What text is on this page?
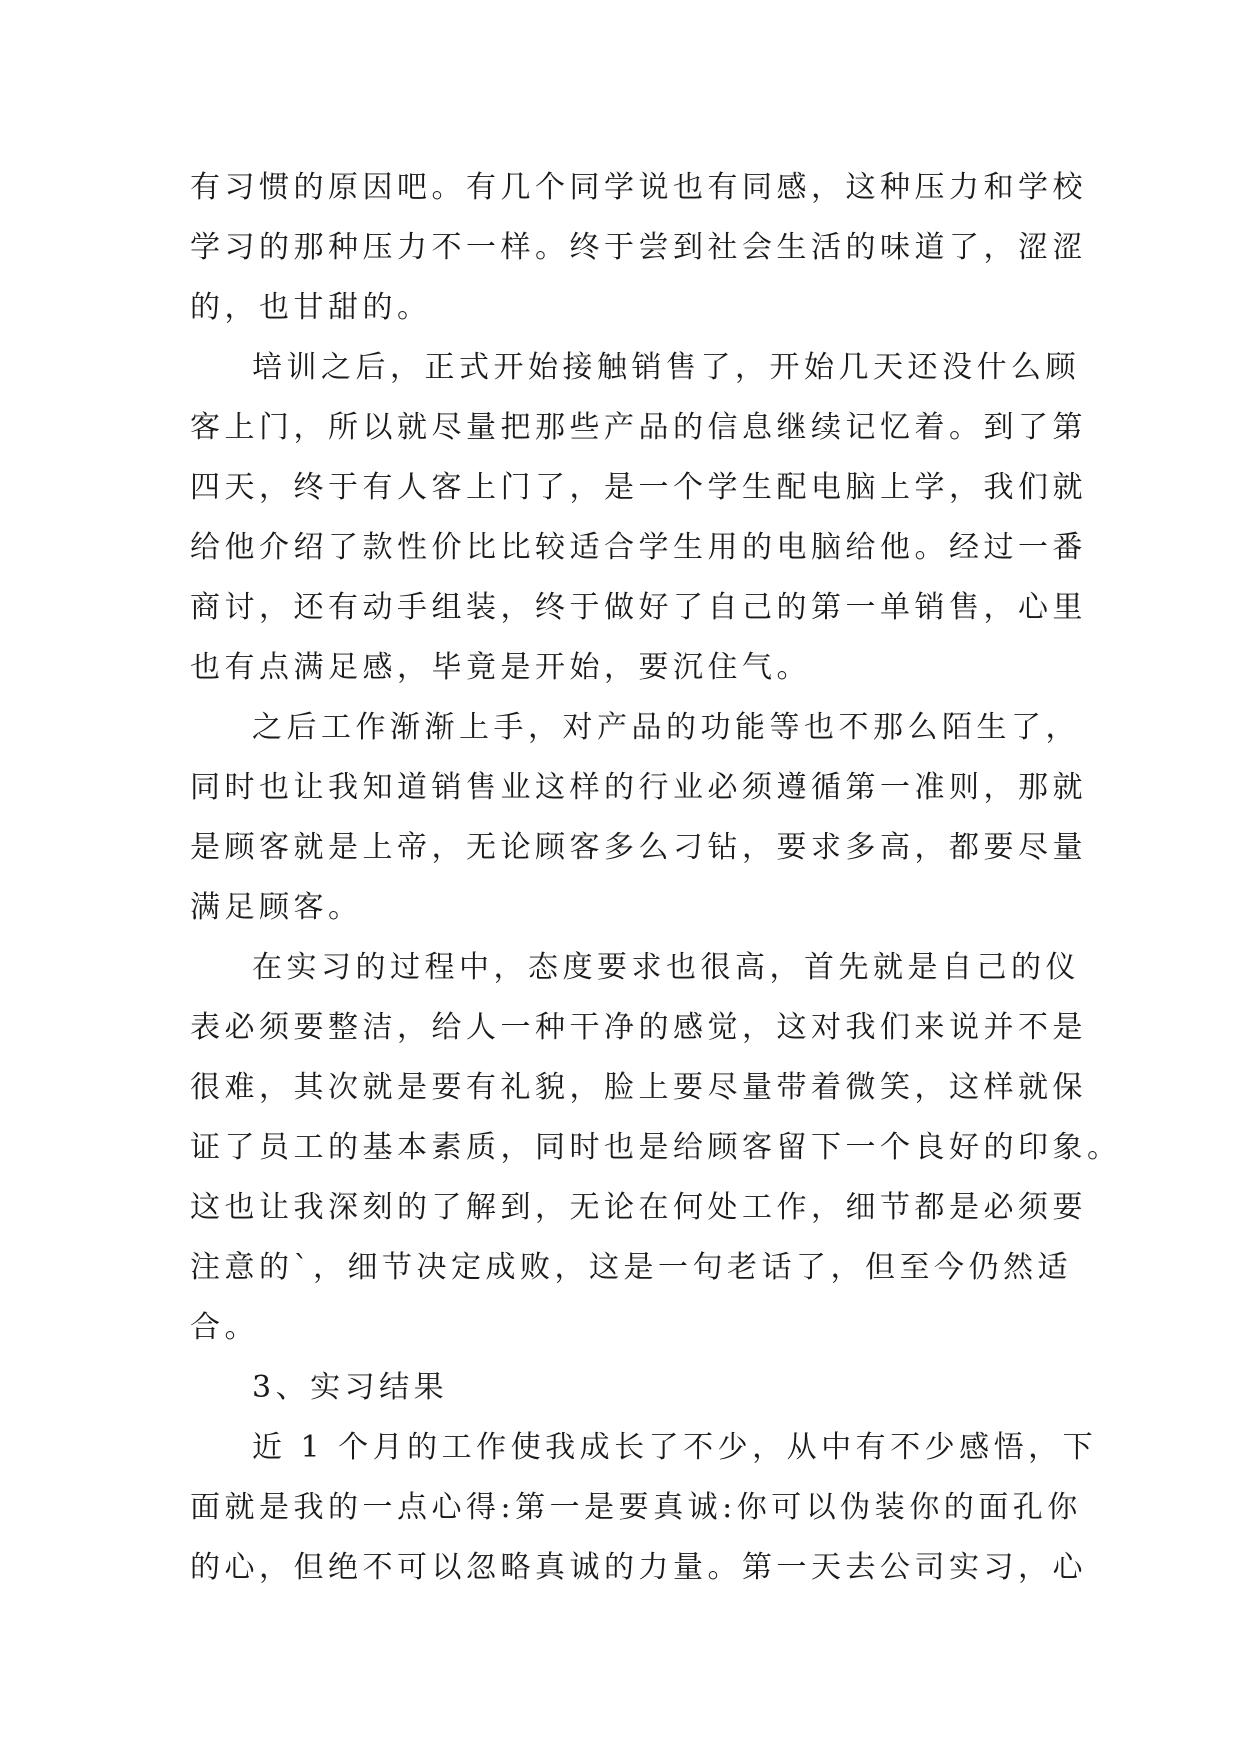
有习惯的原因吧。有几个同学说也有同感，这种压力和学校
学习的那种压力不一样。终于尝到社会生活的味道了，涩涩
的，也甘甜的。
培训之后，正式开始接触销售了，开始几天还没什么顾
客上门，所以就尽量把那些产品的信息继续记忆着。到了第
四天，终于有人客上门了，是一个学生配电脑上学，我们就
给他介绍了款性价比比较适合学生用的电脑给他。经过一番
商讨，还有动手组装，终于做好了自己的第一单销售，心里
也有点满足感，毕竟是开始，要沉住气。
之后工作渐渐上手，对产品的功能等也不那么陌生了，
同时也让我知道销售业这样的行业必须遵循第一准则，那就
是顾客就是上帝，无论顾客多么刁钻，要求多高，都要尽量
满足顾客。
在实习的过程中，态度要求也很高，首先就是自己的仪
表必须要整洁，给人一种干净的感觉，这对我们来说并不是
很难，其次就是要有礼貌，脸上要尽量带着微笑，这样就保
证了员工的基本素质，同时也是给顾客留下一个良好的印象。
这也让我深刻的了解到，无论在何处工作，细节都是必须要
注意的`，细节决定成败，这是一句老话了，但至今仍然适
合。
3、实习结果
近 1 个月的工作使我成长了不少，从中有不少感悟，下
面就是我的一点心得:第一是要真诚:你可以伪装你的面孔你
的心，但绝不可以忽略真诚的力量。第一天去公司实习，心
